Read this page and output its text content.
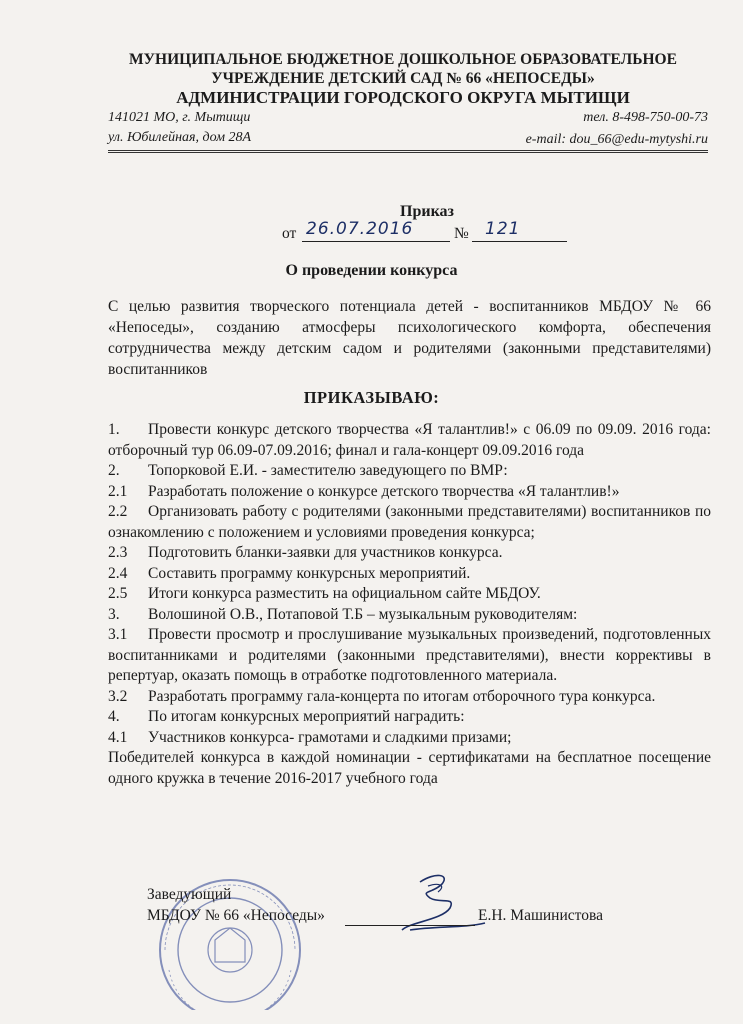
МУНИЦИПАЛЬНОЕ БЮДЖЕТНОЕ ДОШКОЛЬНОЕ ОБРАЗОВАТЕЛЬНОЕ
УЧРЕЖДЕНИЕ ДЕТСКИЙ САД № 66 «НЕПОСЕДЫ»
АДМИНИСТРАЦИИ ГОРОДСКОГО ОКРУГА МЫТИЩИ
141021 МО, г. Мытищи
ул. Юбилейная, дом 28А
тел. 8-498-750-00-73
e-mail: dou_66@edu-mytyshi.ru
Приказ
от 26.07.2016	№ 121
О проведении конкурса
С целью развития творческого потенциала детей - воспитанников МБДОУ № 66 «Непоседы», созданию атмосферы психологического комфорта, обеспечения сотрудничества между детским садом и родителями (законными представителями) воспитанников
ПРИКАЗЫВАЮ:
1. Провести конкурс детского творчества «Я талантлив!» с 06.09 по 09.09. 2016 года: отборочный тур 06.09-07.09.2016; финал и гала-концерт 09.09.2016 года
2. Топорковой Е.И. - заместителю заведующего по ВМР:
2.1 Разработать положение о конкурсе детского творчества «Я талантлив!»
2.2 Организовать работу с родителями (законными представителями) воспитанников по ознакомлению с положением и условиями проведения конкурса;
2.3 Подготовить бланки-заявки для участников конкурса.
2.4 Составить программу конкурсных мероприятий.
2.5 Итоги конкурса разместить на официальном сайте МБДОУ.
3. Волошиной О.В., Потаповой Т.Б – музыкальным руководителям:
3.1 Провести просмотр и прослушивание музыкальных произведений, подготовленных воспитанниками и родителями (законными представителями), внести коррективы в репертуар, оказать помощь в отработке подготовленного материала.
3.2 Разработать программу гала-концерта по итогам отборочного тура конкурса.
4. По итогам конкурсных мероприятий наградить:
4.1 Участников конкурса- грамотами и сладкими призами;
Победителей конкурса в каждой номинации - сертификатами на бесплатное посещение одного кружка в течение 2016-2017 учебного года
Заведующий
МБДОУ № 66 «Непоседы»	Е.Н. Машинистова
